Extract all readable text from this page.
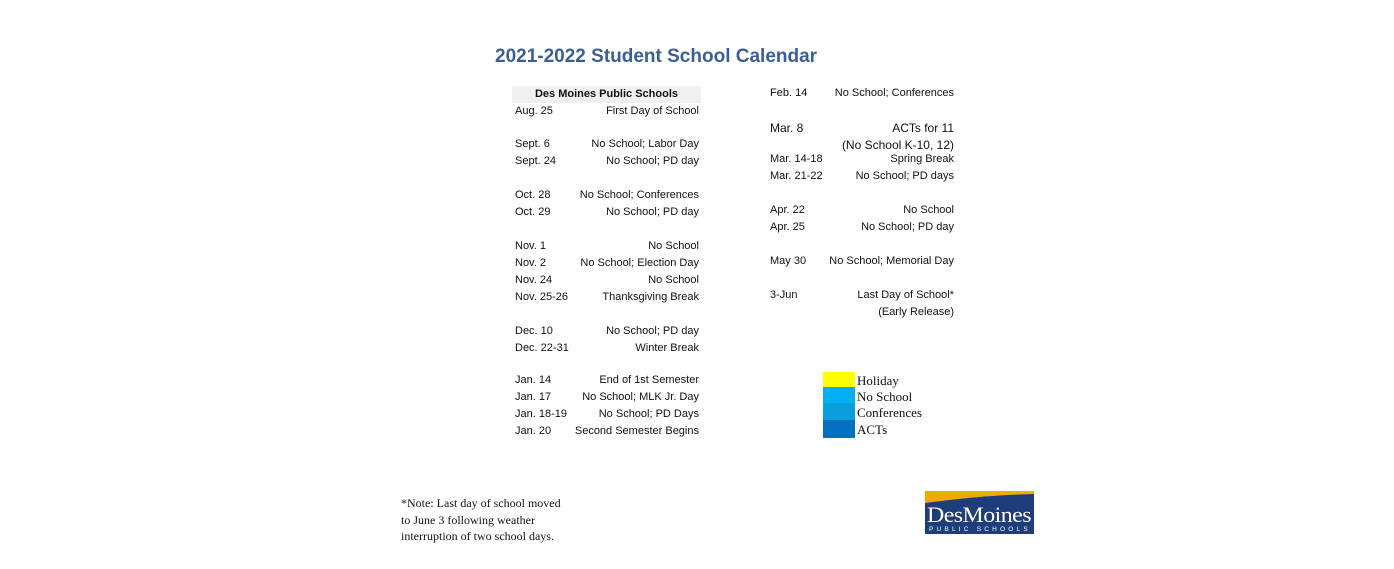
2021-2022 Student School Calendar
Des Moines Public Schools
Aug. 25	First Day of School
Sept. 6	No School; Labor Day
Sept. 24	No School; PD day
Oct. 28	No School; Conferences
Oct. 29	No School; PD day
Nov. 1	No School
Nov. 2	No School; Election Day
Nov. 24	No School
Nov. 25-26	Thanksgiving Break
Dec. 10	No School; PD day
Dec. 22-31	Winter Break
Jan. 14	End of 1st Semester
Jan. 17	No School; MLK Jr. Day
Jan. 18-19	No School; PD Days
Jan. 20 Second Semester Begins
Feb. 14 No School; Conferences
Mar. 8	ACTs for 11
(No School K-10, 12)
Mar. 14-18	Spring Break
Mar. 21-22	No School; PD days
Apr. 22	No School
Apr. 25	No School; PD day
May 30 No School; Memorial Day
3-Jun	Last Day of School*
(Early Release)
Holiday
No School
Conferences
ACTs
*Note: Last day of school moved
to June 3 following weather
interruption of two school days.
DesMoines
PUBLIC SCHOOLS
